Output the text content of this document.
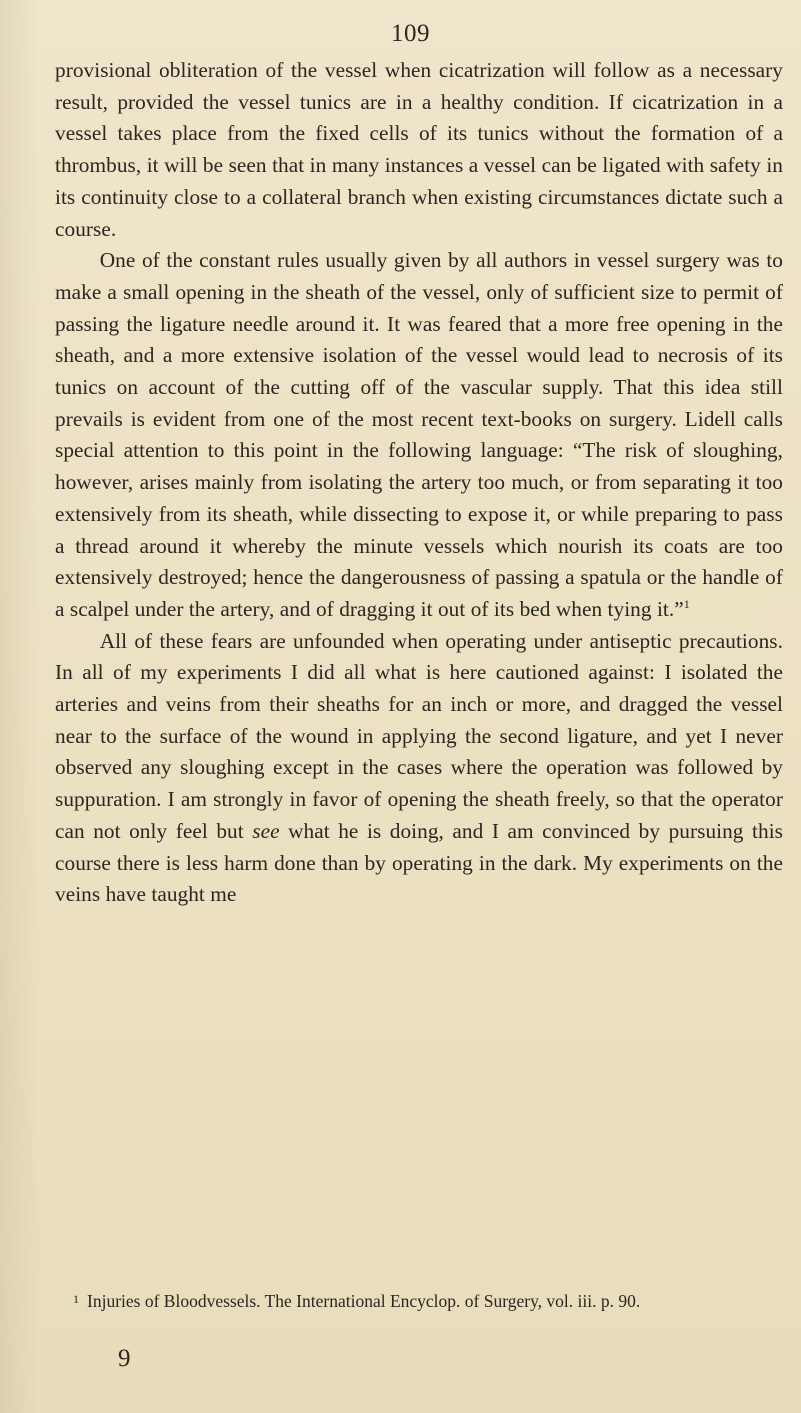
109

provisional obliteration of the vessel when cicatrization will follow as a necessary result, provided the vessel tunics are in a healthy condition. If cicatrization in a vessel takes place from the fixed cells of its tunics without the formation of a thrombus, it will be seen that in many instances a vessel can be ligated with safety in its continuity close to a collateral branch when existing circumstances dictate such a course.

One of the constant rules usually given by all authors in vessel surgery was to make a small opening in the sheath of the vessel, only of sufficient size to permit of passing the ligature needle around it. It was feared that a more free opening in the sheath, and a more extensive isolation of the vessel would lead to necrosis of its tunics on account of the cutting off of the vascular supply. That this idea still prevails is evident from one of the most recent text-books on surgery. Lidell calls special attention to this point in the following language: “The risk of sloughing, however, arises mainly from isolating the artery too much, or from separating it too extensively from its sheath, while dissecting to expose it, or while preparing to pass a thread around it whereby the minute vessels which nourish its coats are too extensively destroyed; hence the dangerousness of passing a spatula or the handle of a scalpel under the artery, and of dragging it out of its bed when tying it.”$^1$

All of these fears are unfounded when operating under antiseptic precautions. In all of my experiments I did all what is here cautioned against: I isolated the arteries and veins from their sheaths for an inch or more, and dragged the vessel near to the surface of the wound in applying the second ligature, and yet I never observed any sloughing except in the cases where the operation was followed by suppuration. I am strongly in favor of opening the sheath freely, so that the operator can not only feel but see what he is doing, and I am convinced by pursuing this course there is less harm done than by operating in the dark. My experiments on the veins have taught me

$^1$ Injuries of Bloodvessels. The International Encyclop. of Surgery, vol. iii. p. 90.
9
